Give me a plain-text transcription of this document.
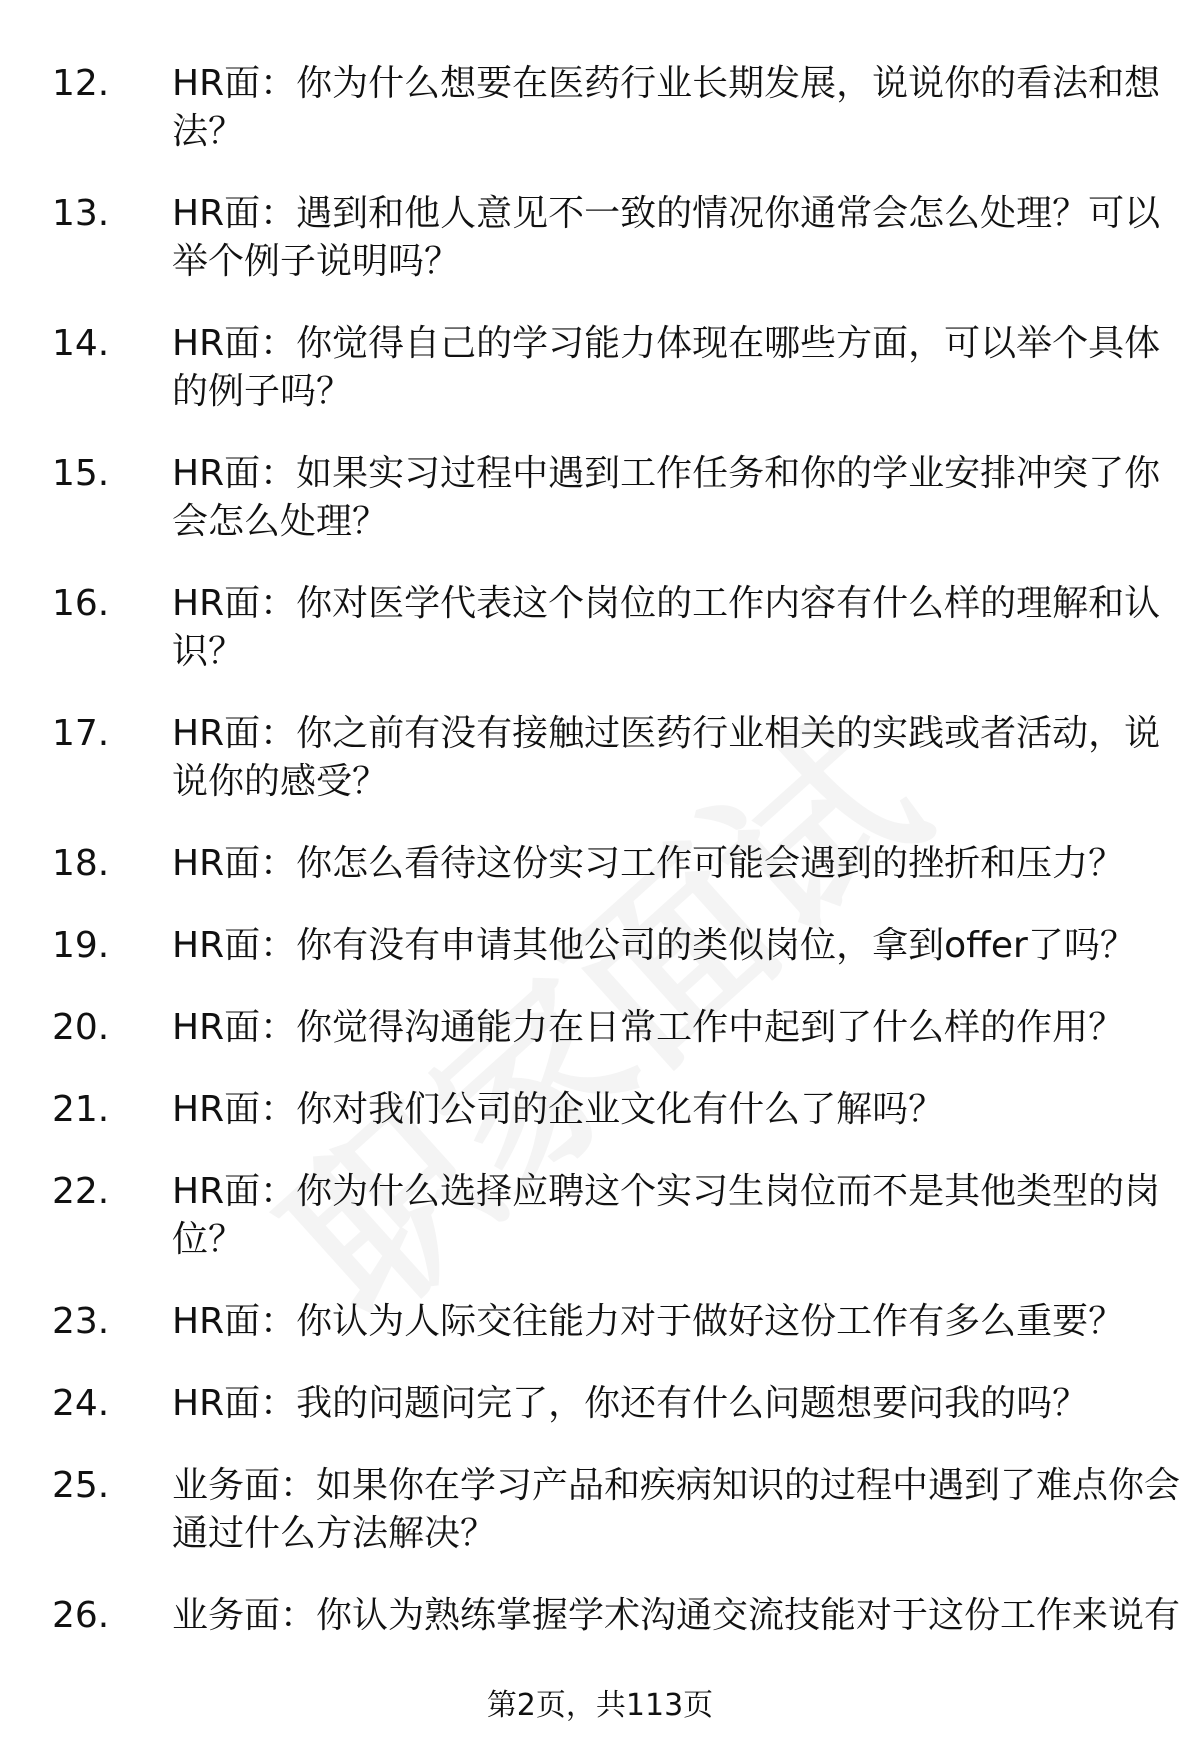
12.	HR面：你为什么想要在医药行业长期发展，说说你的看法和想法？
13.	HR面：遇到和他人意见不一致的情况你通常会怎么处理？可以举个例子说明吗？
14.	HR面：你觉得自己的学习能力体现在哪些方面，可以举个具体的例子吗？
15.	HR面：如果实习过程中遇到工作任务和你的学业安排冲突了你会怎么处理？
16.	HR面：你对医学代表这个岗位的工作内容有什么样的理解和认识？
17.	HR面：你之前有没有接触过医药行业相关的实践或者活动，说说你的感受？
18.	HR面：你怎么看待这份实习工作可能会遇到的挫折和压力？
19.	HR面：你有没有申请其他公司的类似岗位，拿到offer了吗？
20.	HR面：你觉得沟通能力在日常工作中起到了什么样的作用？
21.	HR面：你对我们公司的企业文化有什么了解吗？
22.	HR面：你为什么选择应聘这个实习生岗位而不是其他类型的岗位？
23.	HR面：你认为人际交往能力对于做好这份工作有多么重要？
24.	HR面：我的问题问完了，你还有什么问题想要问我的吗？
25.	业务面：如果你在学习产品和疾病知识的过程中遇到了难点你会通过什么方法解决？
26.	业务面：你认为熟练掌握学术沟通交流技能对于这份工作来说有
第2页，共113页
